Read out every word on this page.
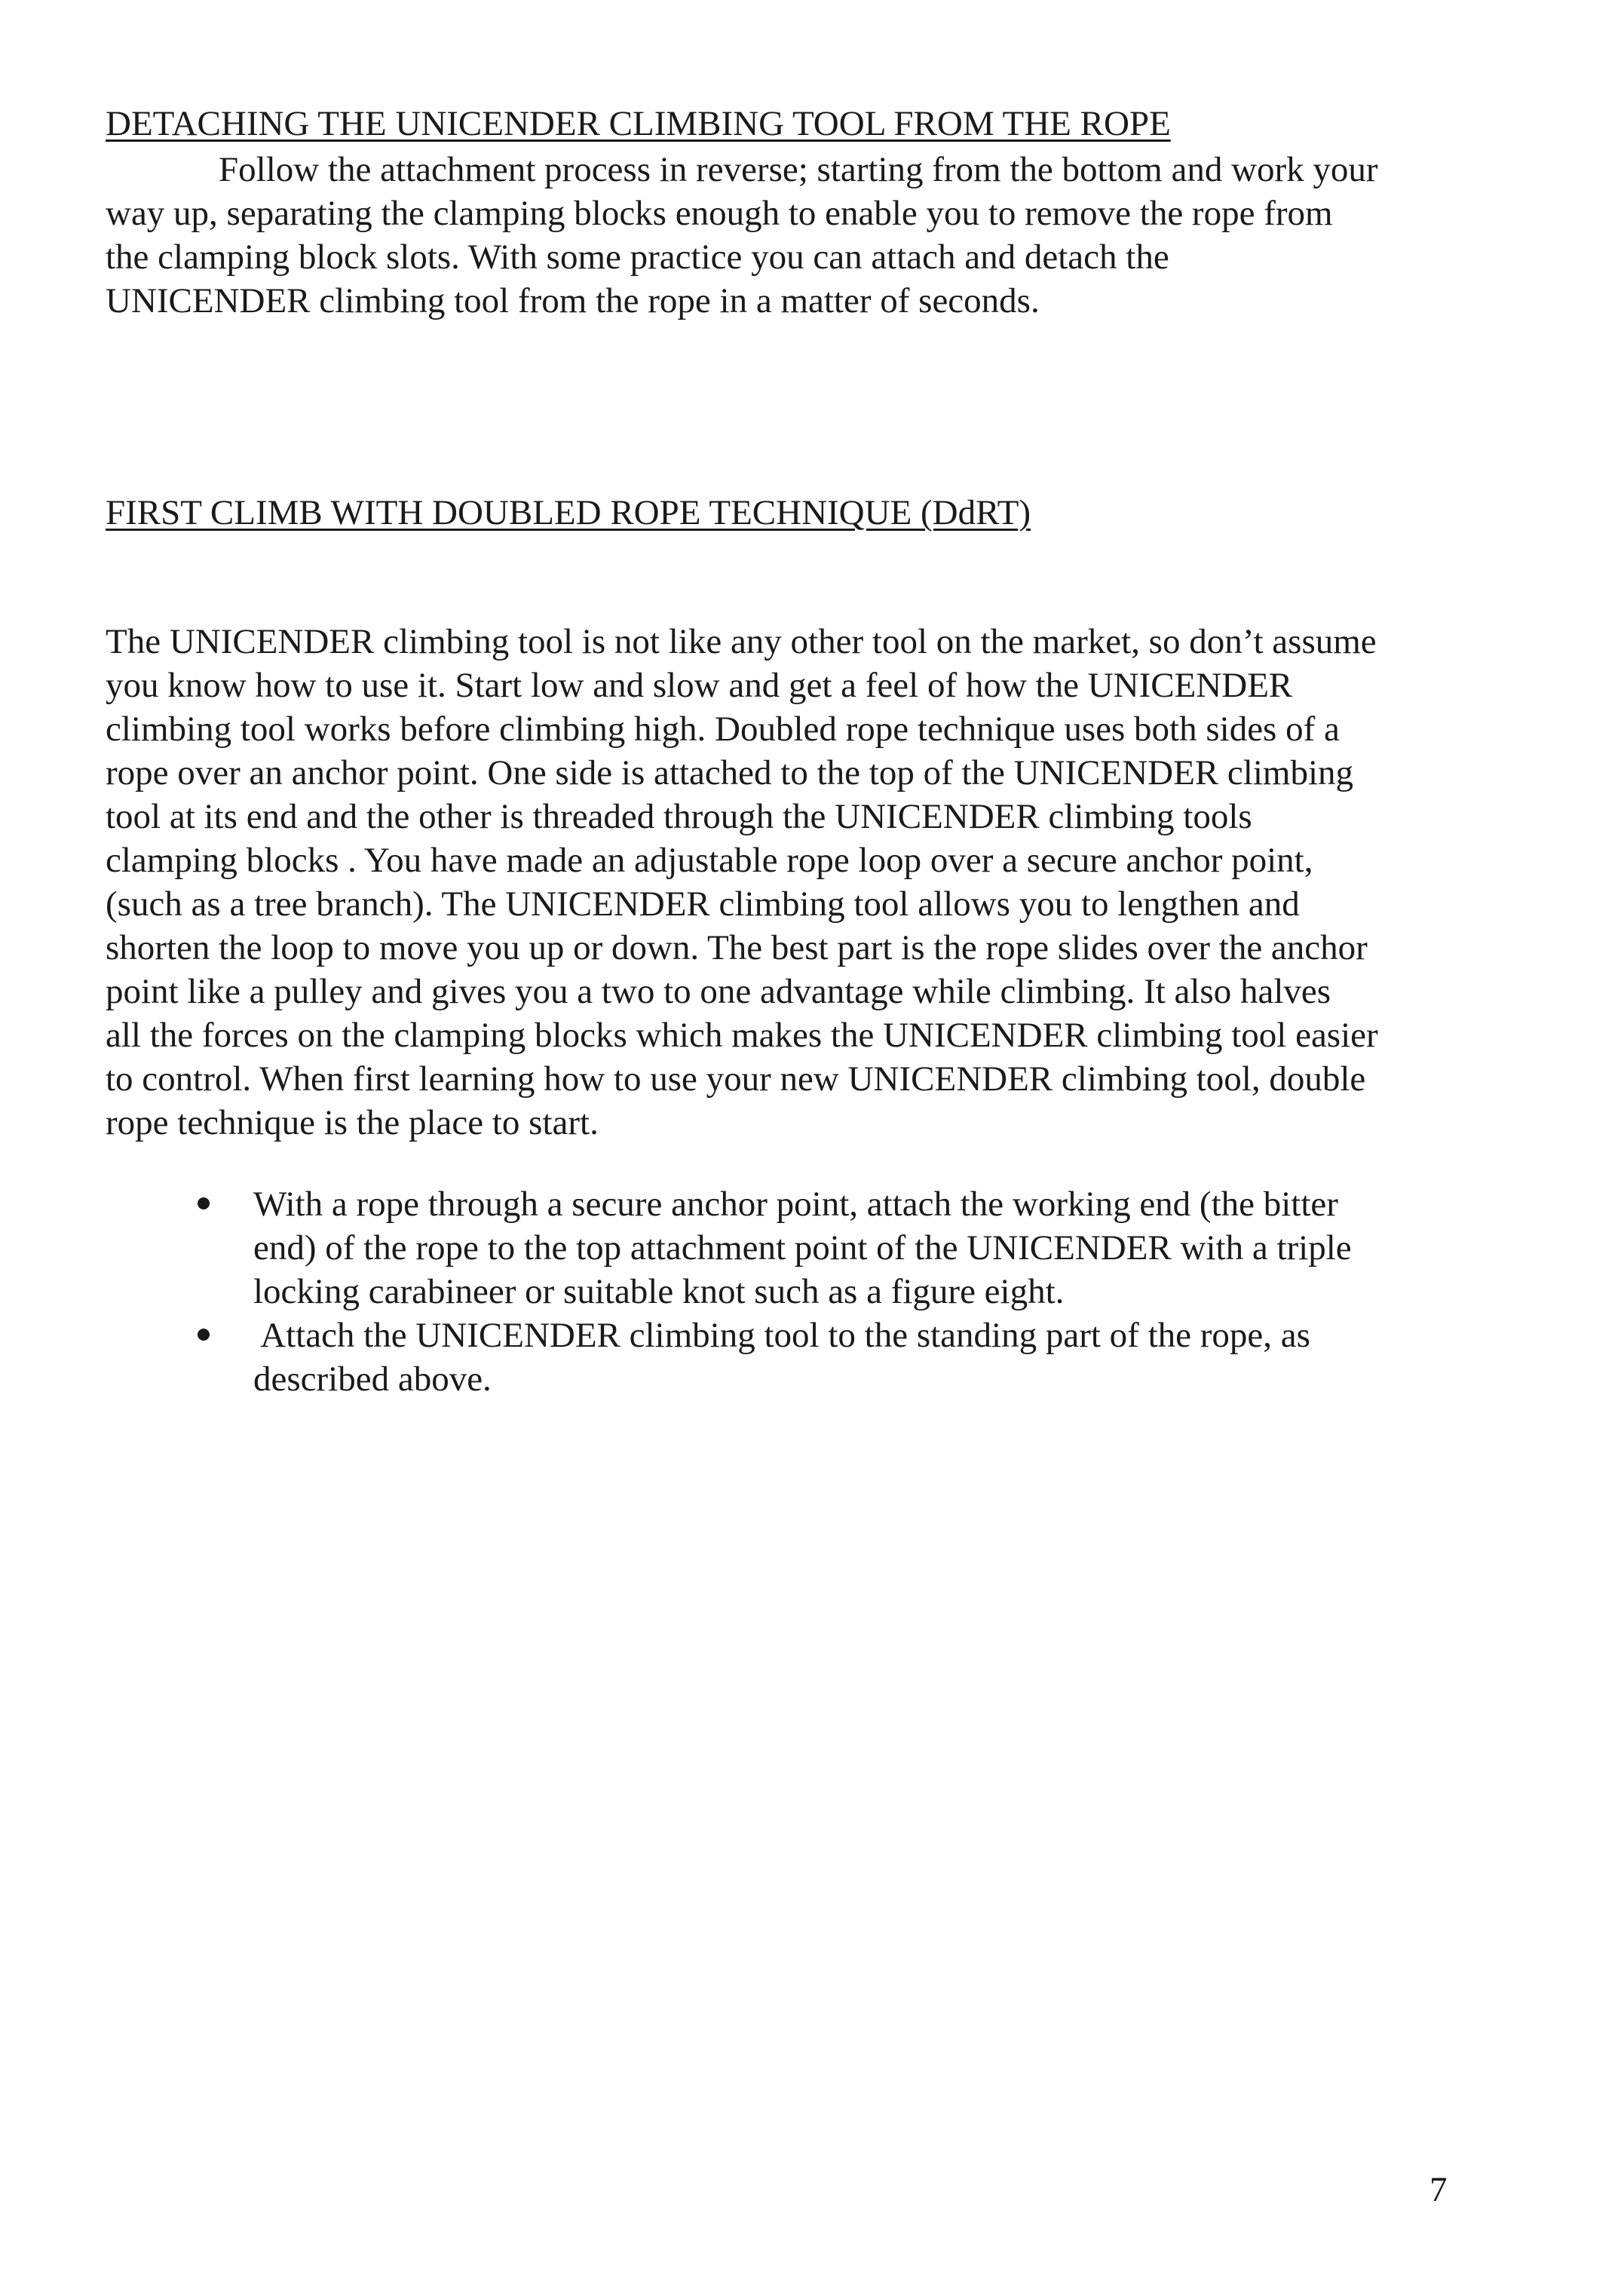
DETACHING THE UNICENDER CLIMBING TOOL FROM THE ROPE
Follow the attachment process in reverse; starting from the bottom and work your
way up, separating the clamping blocks enough to enable you to remove the rope from
the clamping block slots. With some practice you can attach and detach the
UNICENDER climbing tool from the rope in a matter of seconds.
FIRST CLIMB WITH DOUBLED ROPE TECHNIQUE (DdRT)
The UNICENDER climbing tool is not like any other tool on the market, so don’t assume
you know how to use it. Start low and slow and get a feel of how the UNICENDER
climbing tool works before climbing high. Doubled rope technique uses both sides of a
rope over an anchor point. One side is attached to the top of the UNICENDER climbing
tool at its end and the other is threaded through the UNICENDER climbing tools
clamping blocks . You have made an adjustable rope loop over a secure anchor point,
(such as a tree branch). The UNICENDER climbing tool allows you to lengthen and
shorten the loop to move you up or down. The best part is the rope slides over the anchor
point like a pulley and gives you a two to one advantage while climbing. It also halves
all the forces on the clamping blocks which makes the UNICENDER climbing tool easier
to control. When first learning how to use your new UNICENDER climbing tool, double
rope technique is the place to start.
With a rope through a secure anchor point, attach the working end (the bitter
end) of the rope to the top attachment point of the UNICENDER with a triple
locking carabineer or suitable knot such as a figure eight.
Attach the UNICENDER climbing tool to the standing part of the rope, as
described above.
7
